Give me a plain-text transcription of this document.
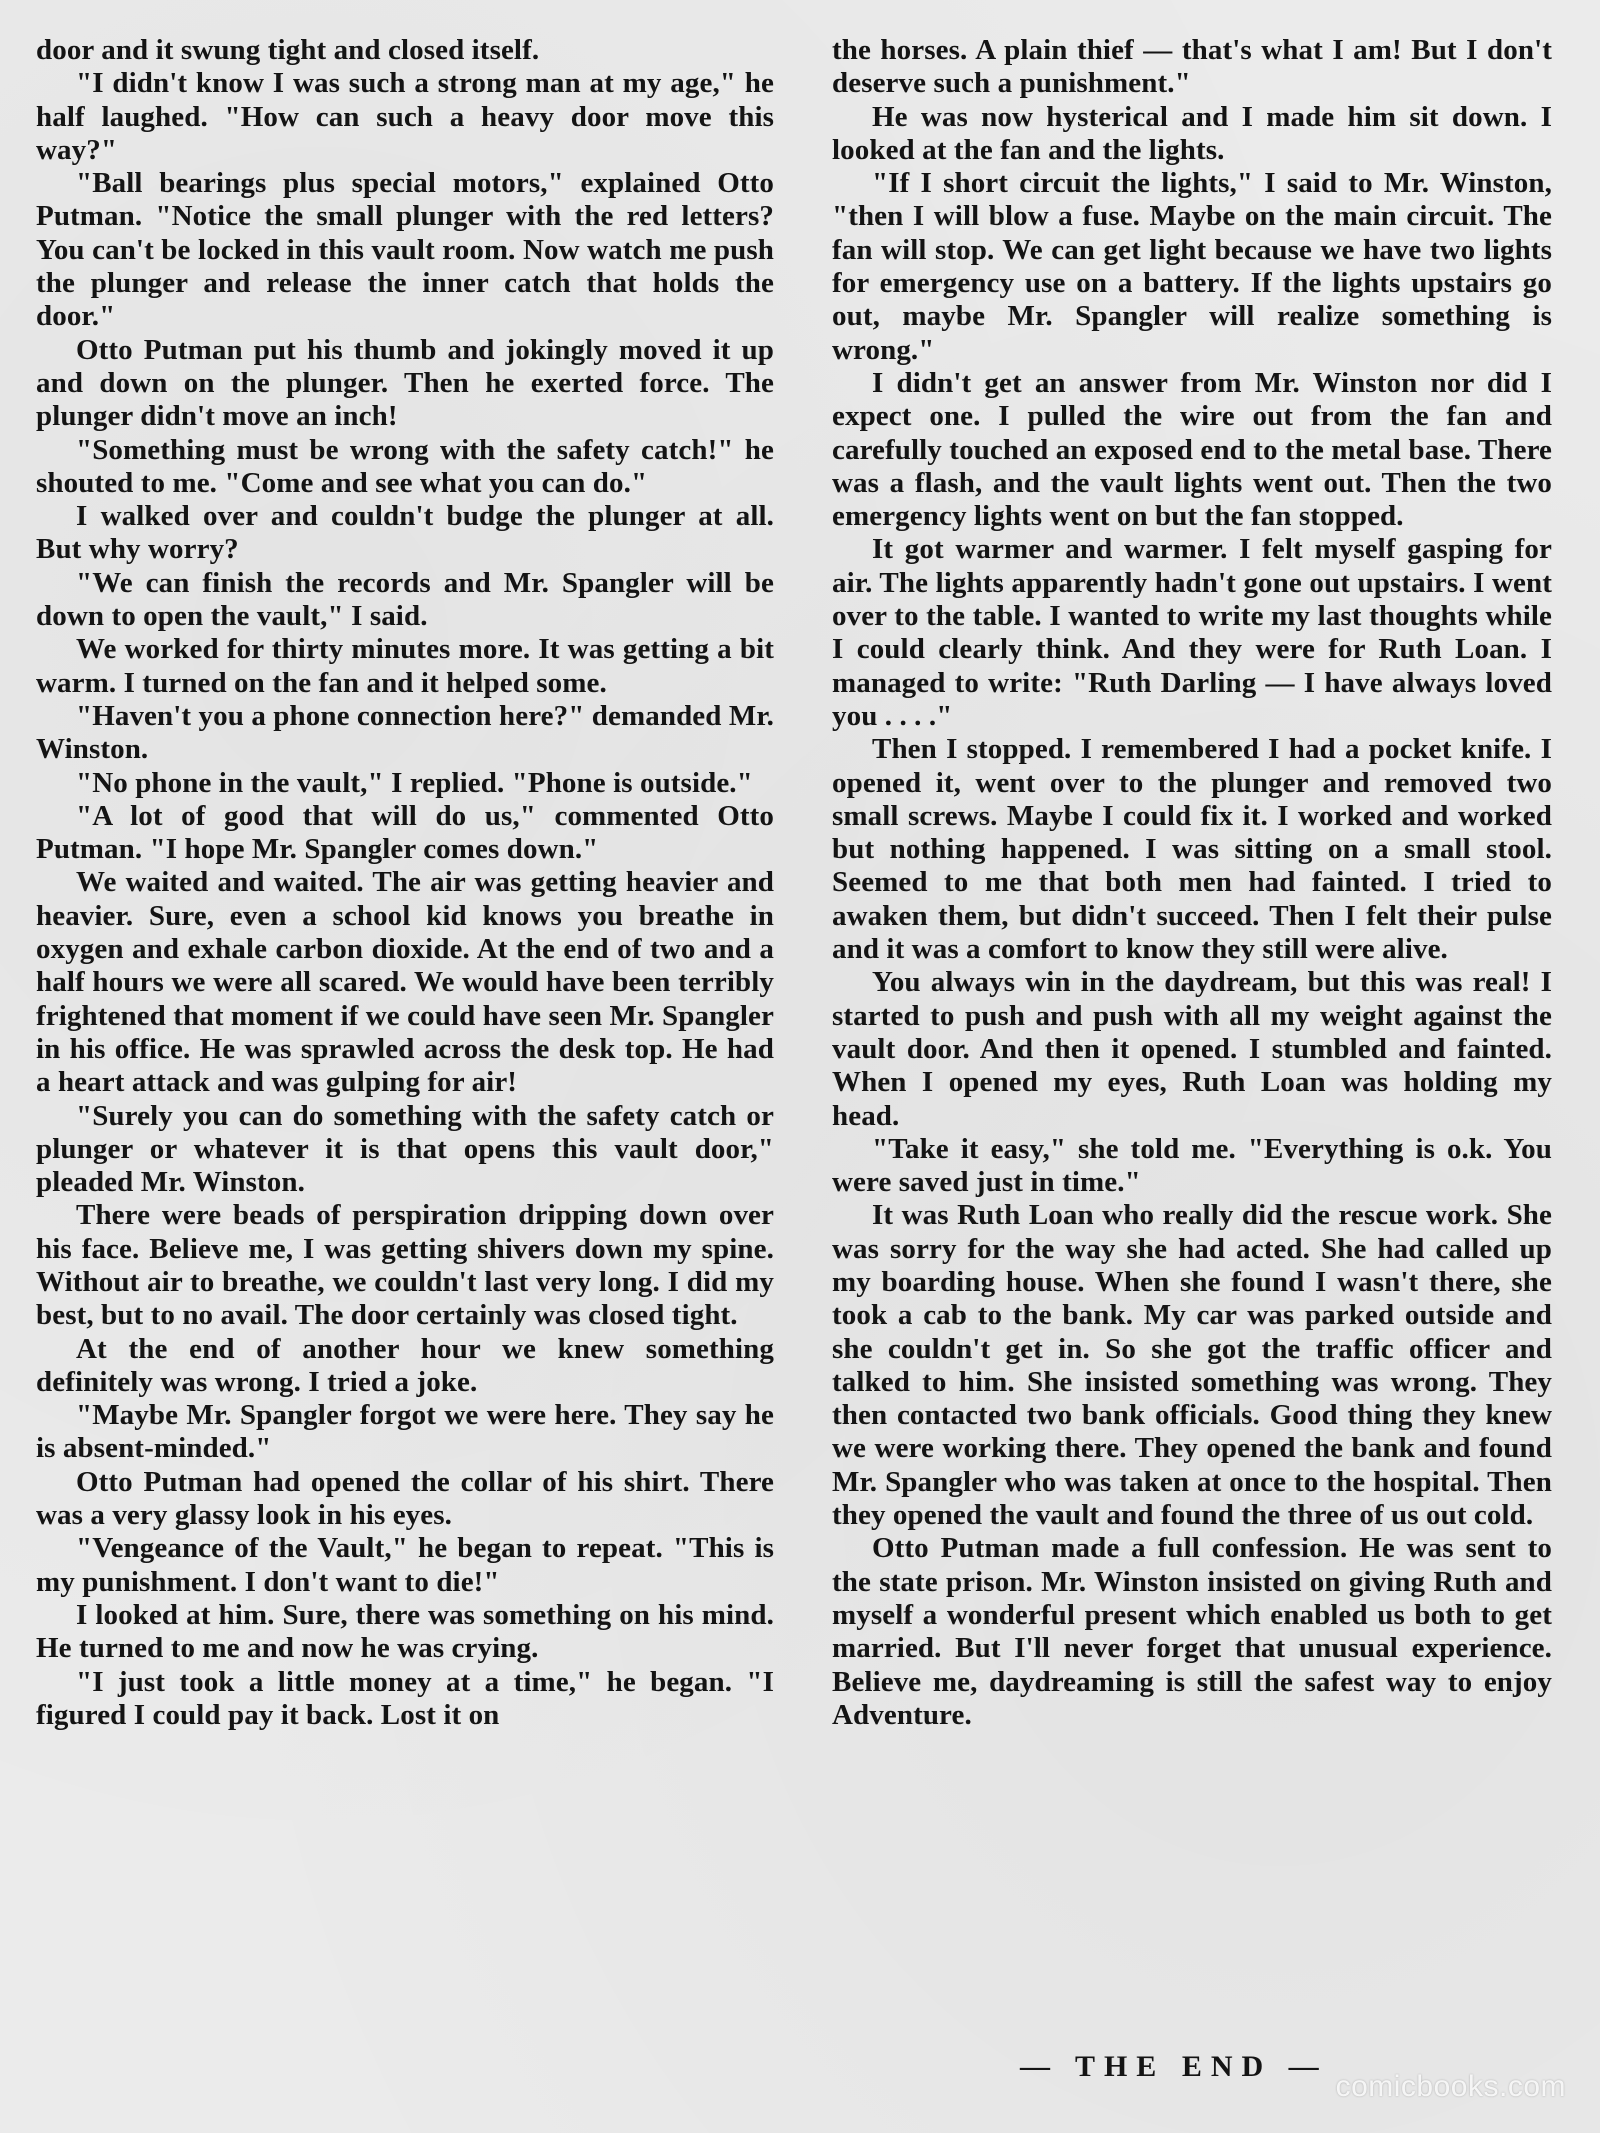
door and it swung tight and closed itself.

"I didn't know I was such a strong man at my age," he half laughed. "How can such a heavy door move this way?"

"Ball bearings plus special motors," explained Otto Putman. "Notice the small plunger with the red letters? You can't be locked in this vault room. Now watch me push the plunger and release the inner catch that holds the door."

Otto Putman put his thumb and jokingly moved it up and down on the plunger. Then he exerted force. The plunger didn't move an inch!

"Something must be wrong with the safety catch!" he shouted to me. "Come and see what you can do."

I walked over and couldn't budge the plunger at all. But why worry?

"We can finish the records and Mr. Spangler will be down to open the vault," I said.

We worked for thirty minutes more. It was getting a bit warm. I turned on the fan and it helped some.

"Haven't you a phone connection here?" demanded Mr. Winston.

"No phone in the vault," I replied. "Phone is outside."

"A lot of good that will do us," commented Otto Putman. "I hope Mr. Spangler comes down."

We waited and waited. The air was getting heavier and heavier. Sure, even a school kid knows you breathe in oxygen and exhale carbon dioxide. At the end of two and a half hours we were all scared. We would have been terribly frightened that moment if we could have seen Mr. Spangler in his office. He was sprawled across the desk top. He had a heart attack and was gulping for air!

"Surely you can do something with the safety catch or plunger or whatever it is that opens this vault door," pleaded Mr. Winston.

There were beads of perspiration dripping down over his face. Believe me, I was getting shivers down my spine. Without air to breathe, we couldn't last very long. I did my best, but to no avail. The door certainly was closed tight.

At the end of another hour we knew something definitely was wrong. I tried a joke.

"Maybe Mr. Spangler forgot we were here. They say he is absent-minded."

Otto Putman had opened the collar of his shirt. There was a very glassy look in his eyes.

"Vengeance of the Vault," he began to repeat. "This is my punishment. I don't want to die!"

I looked at him. Sure, there was something on his mind. He turned to me and now he was crying.

"I just took a little money at a time," he began. "I figured I could pay it back. Lost it on

the horses. A plain thief — that's what I am! But I don't deserve such a punishment."

He was now hysterical and I made him sit down. I looked at the fan and the lights.

"If I short circuit the lights," I said to Mr. Winston, "then I will blow a fuse. Maybe on the main circuit. The fan will stop. We can get light because we have two lights for emergency use on a battery. If the lights upstairs go out, maybe Mr. Spangler will realize something is wrong."

I didn't get an answer from Mr. Winston nor did I expect one. I pulled the wire out from the fan and carefully touched an exposed end to the metal base. There was a flash, and the vault lights went out. Then the two emergency lights went on but the fan stopped.

It got warmer and warmer. I felt myself gasping for air. The lights apparently hadn't gone out upstairs. I went over to the table. I wanted to write my last thoughts while I could clearly think. And they were for Ruth Loan. I managed to write: "Ruth Darling — I have always loved you . . . ."

Then I stopped. I remembered I had a pocket knife. I opened it, went over to the plunger and removed two small screws. Maybe I could fix it. I worked and worked but nothing happened. I was sitting on a small stool. Seemed to me that both men had fainted. I tried to awaken them, but didn't succeed. Then I felt their pulse and it was a comfort to know they still were alive.

You always win in the daydream, but this was real! I started to push and push with all my weight against the vault door. And then it opened. I stumbled and fainted. When I opened my eyes, Ruth Loan was holding my head.

"Take it easy," she told me. "Everything is o.k. You were saved just in time."

It was Ruth Loan who really did the rescue work. She was sorry for the way she had acted. She had called up my boarding house. When she found I wasn't there, she took a cab to the bank. My car was parked outside and she couldn't get in. So she got the traffic officer and talked to him. She insisted something was wrong. They then contacted two bank officials. Good thing they knew we were working there. They opened the bank and found Mr. Spangler who was taken at once to the hospital. Then they opened the vault and found the three of us out cold.

Otto Putman made a full confession. He was sent to the state prison. Mr. Winston insisted on giving Ruth and myself a wonderful present which enabled us both to get married. But I'll never forget that unusual experience. Believe me, daydreaming is still the safest way to enjoy Adventure.

— THE END —
comicbooks.com
